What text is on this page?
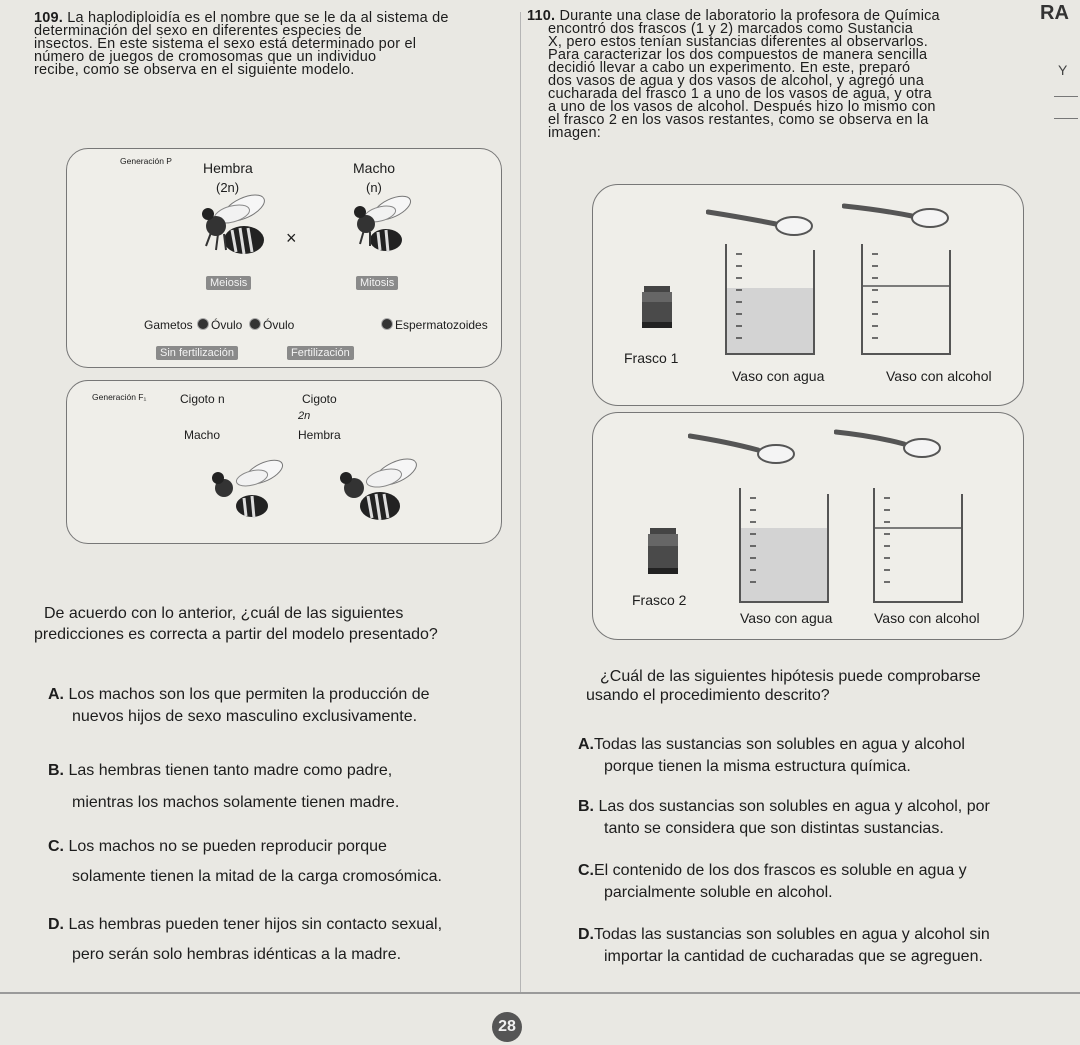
109. La haplodiploidía es el nombre que se le da al sistema de
determinación del sexo en diferentes especies de
insectos. En este sistema el sexo está determinado por el
número de juegos de cromosomas que un individuo
recibe, como se observa en el siguiente modelo.
Generación P Hembra
(2n)
Macho
(n)
×
Meiosis	Mitosis
Gametos Óvulo Óvulo	Espermatozoides
Sin fertilización	Fertilización
Generación F₁	Cigoto n	Cigoto
2n
Macho	Hembra
De acuerdo con lo anterior, ¿cuál de las siguientes
predicciones es correcta a partir del modelo presentado?
A. Los machos son los que permiten la producción de
nuevos hijos de sexo masculino exclusivamente.
B. Las hembras tienen tanto madre como padre,
mientras los machos solamente tienen madre.
C. Los machos no se pueden reproducir porque
solamente tienen la mitad de la carga cromosómica.
D. Las hembras pueden tener hijos sin contacto sexual,
pero serán solo hembras idénticas a la madre.
110. Durante una clase de laboratorio la profesora de Química
encontró dos frascos (1 y 2) marcados como Sustancia
X, pero estos tenían sustancias diferentes al observarlos.
Para caracterizar los dos compuestos de manera sencilla
decidió llevar a cabo un experimento. En este, preparó
dos vasos de agua y dos vasos de alcohol, y agregó una
cucharada del frasco 1 a uno de los vasos de agua, y otra
a uno de los vasos de alcohol. Después hizo lo mismo con
el frasco 2 en los vasos restantes, como se observa en la
imagen:
Frasco 1
Vaso con agua	Vaso con alcohol
Frasco 2
Vaso con agua	Vaso con alcohol
¿Cuál de las siguientes hipótesis puede comprobarse
usando el procedimiento descrito?
A.Todas las sustancias son solubles en agua y alcohol
porque tienen la misma estructura química.
B. Las dos sustancias son solubles en agua y alcohol, por
tanto se considera que son distintas sustancias.
C.El contenido de los dos frascos es soluble en agua y
parcialmente soluble en alcohol.
D.Todas las sustancias son solubles en agua y alcohol sin
importar la cantidad de cucharadas que se agreguen.
RA
Y
28
